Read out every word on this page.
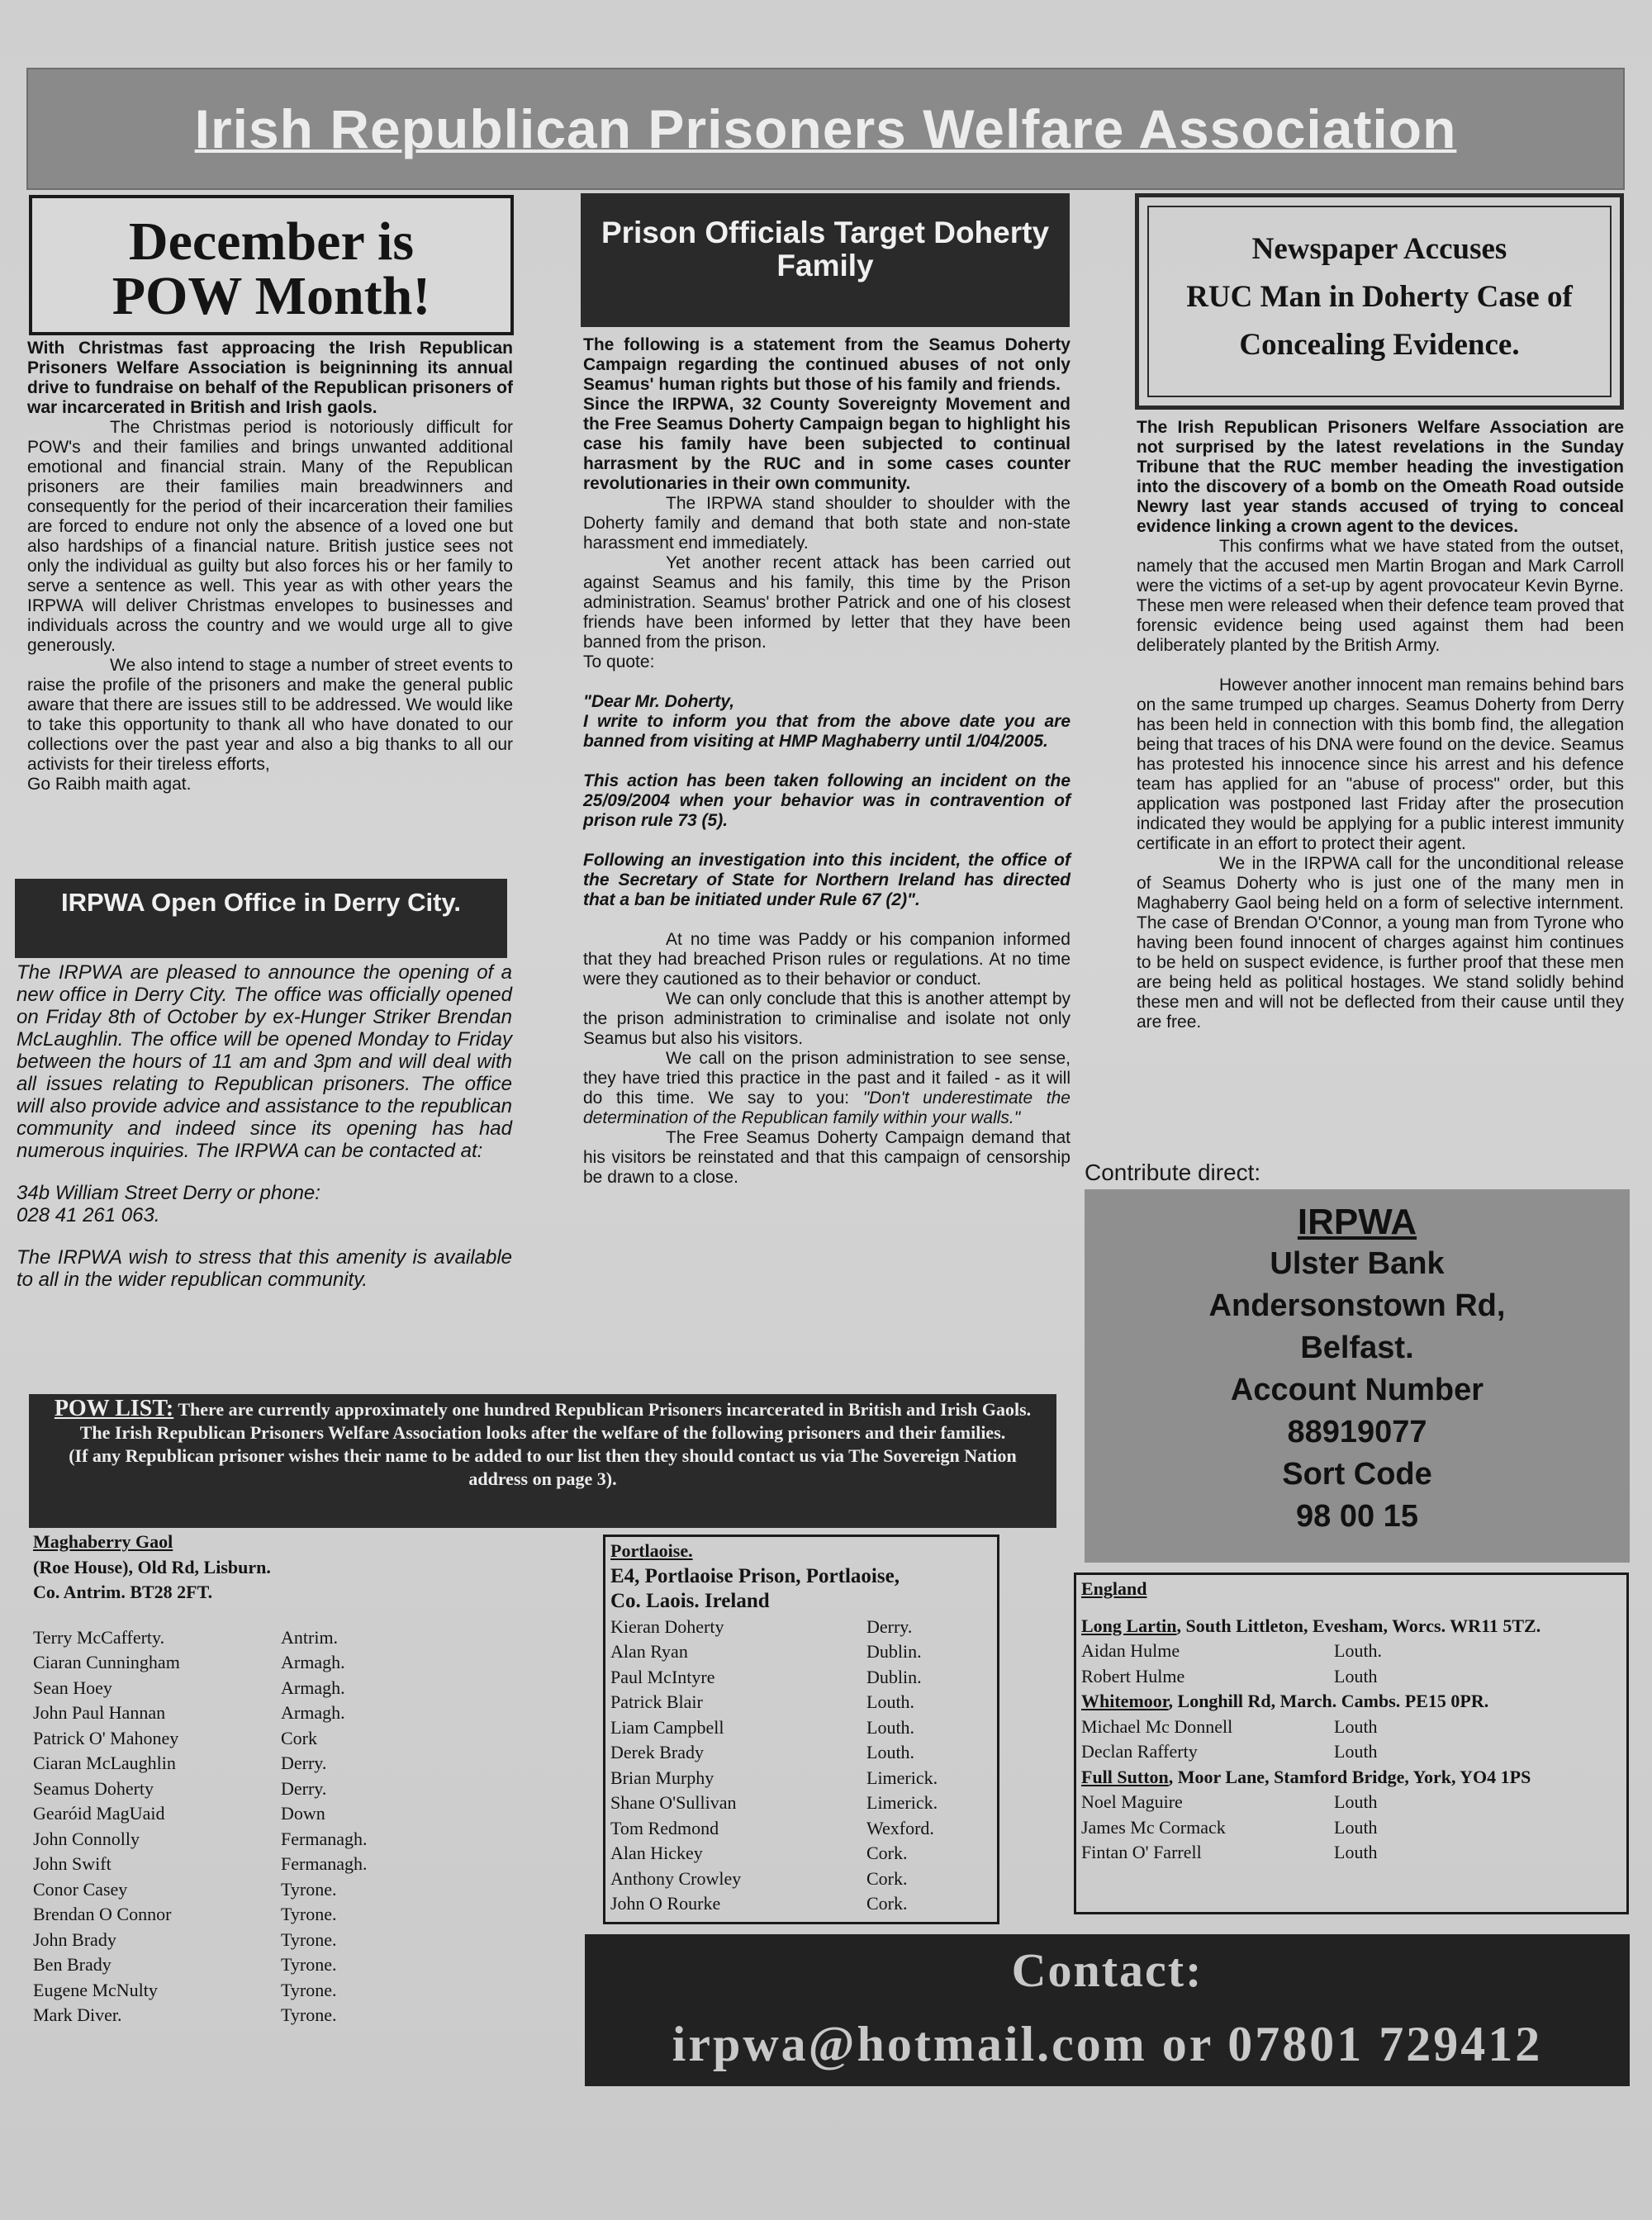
Irish Republican Prisoners Welfare Association
December is
POW Month!

With Christmas fast approacing the Irish Republican Prisoners Welfare Association is beigninning its annual drive to fundraise on behalf of the Republican prisoners of war incarcerated in British and Irish gaols.

The Christmas period is notoriously difficult for POW's and their families and brings unwanted additional emotional and financial strain. Many of the Republican prisoners are their families main breadwinners and consequently for the period of their incarceration their families are forced to endure not only the absence of a loved one but also hardships of a financial nature. British justice sees not only the individual as guilty but also forces his or her family to serve a sentence as well. This year as with other years the IRPWA will deliver Christmas envelopes to businesses and individuals across the country and we would urge all to give generously.

We also intend to stage a number of street events to raise the profile of the prisoners and make the general public aware that there are issues still to be addressed. We would like to take this opportunity to thank all who have donated to our collections over the past year and also a big thanks to all our activists for their tireless efforts,

Go Raibh maith agat.

IRPWA Open Office in Derry City.

The IRPWA are pleased to announce the opening of a new office in Derry City. The office was officially opened on Friday 8th of October by ex-Hunger Striker Brendan McLaughlin. The office will be opened Monday to Friday between the hours of 11 am and 3pm and will deal with all issues relating to Republican prisoners. The office will also provide advice and assistance to the republican community and indeed since its opening has had numerous inquiries. The IRPWA can be contacted at:

34b William Street Derry or phone:

028 41 261 063.

The IRPWA wish to stress that this amenity is available to all in the wider republican community.

Prison Officials Target Doherty Family

The following is a statement from the Seamus Doherty Campaign regarding the continued abuses of not only Seamus' human rights but those of his family and friends.

Since the IRPWA, 32 County Sovereignty Movement and the Free Seamus Doherty Campaign began to highlight his case his family have been subjected to continual harrasment by the RUC and in some cases counter revolutionaries in their own community.

The IRPWA stand shoulder to shoulder with the Doherty family and demand that both state and non-state harassment end immediately.

Yet another recent attack has been carried out against Seamus and his family, this time by the Prison administration. Seamus' brother Patrick and one of his closest friends have been informed by letter that they have been banned from the prison.

To quote:

"Dear Mr. Doherty,

I write to inform you that from the above date you are banned from visiting at HMP Maghaberry until 1/04/2005.

This action has been taken following an incident on the 25/09/2004 when your behavior was in contravention of prison rule 73 (5).

Following an investigation into this incident, the office of the Secretary of State for Northern Ireland has directed that a ban be initiated under Rule 67 (2)".

At no time was Paddy or his companion informed that they had breached Prison rules or regulations. At no time were they cautioned as to their behavior or conduct.

We can only conclude that this is another attempt by the prison administration to criminalise and isolate not only Seamus but also his visitors.

We call on the prison administration to see sense, they have tried this practice in the past and it failed - as it will do this time. We say to you: "Don't underestimate the determination of the Republican family within your walls."

The Free Seamus Doherty Campaign demand that his visitors be reinstated and that this campaign of censorship be drawn to a close.

Newspaper Accuses
RUC Man in Doherty Case of
Concealing Evidence.

The Irish Republican Prisoners Welfare Association are not surprised by the latest revelations in the Sunday Tribune that the RUC member heading the investigation into the discovery of a bomb on the Omeath Road outside Newry last year stands accused of trying to conceal evidence linking a crown agent to the devices.

This confirms what we have stated from the outset, namely that the accused men Martin Brogan and Mark Carroll were the victims of a set-up by agent provocateur Kevin Byrne. These men were released when their defence team proved that forensic evidence being used against them had been deliberately planted by the British Army.

However another innocent man remains behind bars on the same trumped up charges. Seamus Doherty from Derry has been held in connection with this bomb find, the allegation being that traces of his DNA were found on the device. Seamus has protested his innocence since his arrest and his defence team has applied for an "abuse of process" order, but this application was postponed last Friday after the prosecution indicated they would be applying for a public interest immunity certificate in an effort to protect their agent.

We in the IRPWA call for the unconditional release of Seamus Doherty who is just one of the many men in Maghaberry Gaol being held on a form of selective internment. The case of Brendan O'Connor, a young man from Tyrone who having been found innocent of charges against him continues to be held on suspect evidence, is further proof that these men are being held as political hostages. We stand solidly behind these men and will not be deflected from their cause until they are free.

Contribute direct:
IRPWA
Ulster Bank
Andersonstown Rd,
Belfast.
Account Number
88919077
Sort Code
98 00 15
POW LIST: There are currently approximately one hundred Republican Prisoners incarcerated in British and Irish Gaols. The Irish Republican Prisoners Welfare Association looks after the welfare of the following prisoners and their families.
(If any Republican prisoner wishes their name to be added to our list then they should contact us via The Sovereign Nation address on page 3).
Maghaberry Gaol
(Roe House), Old Rd, Lisburn.
Co. Antrim. BT28 2FT.
Terry McCafferty.	Antrim.
Ciaran Cunningham	Armagh.
Sean Hoey	Armagh.
John Paul Hannan	Armagh.
Patrick O' Mahoney	Cork
Ciaran McLaughlin	Derry.
Seamus Doherty	Derry.
Gearóid MagUaid	Down
John Connolly	Fermanagh.
John Swift	Fermanagh.
Conor Casey	Tyrone.
Brendan O Connor	Tyrone.
John Brady	Tyrone.
Ben Brady	Tyrone.
Eugene McNulty	Tyrone.
Mark Diver.	Tyrone.
Portlaoise.
E4, Portlaoise Prison, Portlaoise,
Co. Laois. Ireland
Kieran Doherty	Derry.
Alan Ryan	Dublin.
Paul McIntyre	Dublin.
Patrick Blair	Louth.
Liam Campbell	Louth.
Derek Brady	Louth.
Brian Murphy	Limerick.
Shane O'Sullivan	Limerick.
Tom Redmond	Wexford.
Alan Hickey	Cork.
Anthony Crowley	Cork.
John O Rourke	Cork.
England
Long Lartin, South Littleton, Evesham, Worcs. WR11 5TZ.
Aidan Hulme	Louth.
Robert Hulme	Louth
Whitemoor, Longhill Rd, March. Cambs. PE15 0PR.
Michael Mc Donnell	Louth
Declan Rafferty	Louth
Full Sutton, Moor Lane, Stamford Bridge, York, YO4 1PS
Noel Maguire	Louth
James Mc Cormack	Louth
Fintan O' Farrell	Louth
Contact:
irpwa@hotmail.com or 07801 729412
